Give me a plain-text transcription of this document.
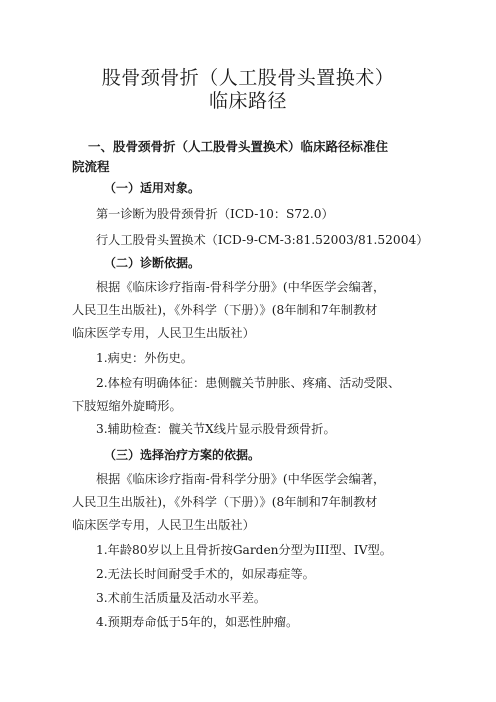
股骨颈骨折（人工股骨头置换术）
临床路径
一、股骨颈骨折（人工股骨头置换术）临床路径标准住
院流程
（一）适用对象。
第一诊断为股骨颈骨折（ICD-10：S72.0）
行人工股骨头置换术（ICD-9-CM-3:81.52003/81.52004）
（二）诊断依据。
根据《临床诊疗指南-骨科学分册》(中华医学会编著，
人民卫生出版社)，《外科学（下册）》(8年制和7年制教材
临床医学专用，人民卫生出版社）
1.病史：外伤史。
2.体检有明确体征：患侧髋关节肿胀、疼痛、活动受限、
下肢短缩外旋畸形。
3.辅助检查：髋关节X线片显示股骨颈骨折。
（三）选择治疗方案的依据。
根据《临床诊疗指南-骨科学分册》(中华医学会编著，
人民卫生出版社)，《外科学（下册）》(8年制和7年制教材
临床医学专用，人民卫生出版社）
1.年龄80岁以上且骨折按Garden分型为III型、IV型。
2.无法长时间耐受手术的，如尿毒症等。
3.术前生活质量及活动水平差。
4.预期寿命低于5年的，如恶性肿瘤。
